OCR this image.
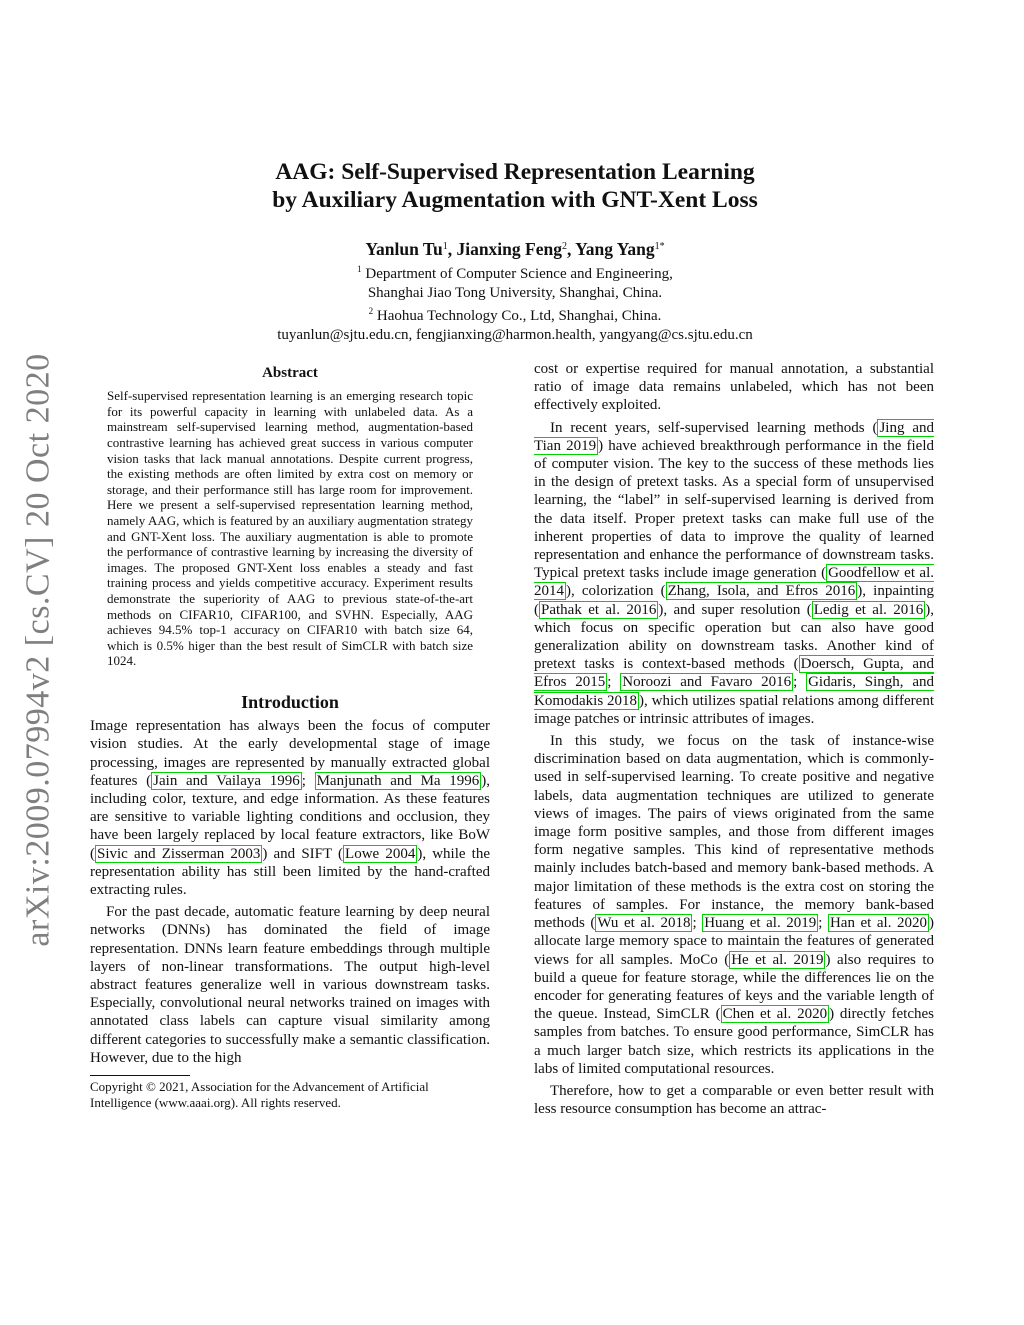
arXiv:2009.07994v2 [cs.CV] 20 Oct 2020
AAG: Self-Supervised Representation Learning
by Auxiliary Augmentation with GNT-Xent Loss
Yanlun Tu$^1$, Jianxing Feng$^2$, Yang Yang$^{1*}$
$^1$ Department of Computer Science and Engineering,
Shanghai Jiao Tong University, Shanghai, China.
$^2$ Haohua Technology Co., Ltd, Shanghai, China.
tuyanlun@sjtu.edu.cn, fengjianxing@harmon.health, yangyang@cs.sjtu.edu.cn
Abstract
Self-supervised representation learning is an emerging research topic for its powerful capacity in learning with unlabeled data. As a mainstream self-supervised learning method, augmentation-based contrastive learning has achieved great success in various computer vision tasks that lack manual annotations. Despite current progress, the existing methods are often limited by extra cost on memory or storage, and their performance still has large room for improvement. Here we present a self-supervised representation learning method, namely AAG, which is featured by an auxiliary augmentation strategy and GNT-Xent loss. The auxiliary augmentation is able to promote the performance of contrastive learning by increasing the diversity of images. The proposed GNT-Xent loss enables a steady and fast training process and yields competitive accuracy. Experiment results demonstrate the superiority of AAG to previous state-of-the-art methods on CIFAR10, CIFAR100, and SVHN. Especially, AAG achieves 94.5% top-1 accuracy on CIFAR10 with batch size 64, which is 0.5% higer than the best result of SimCLR with batch size 1024.
Introduction

Image representation has always been the focus of computer vision studies. At the early developmental stage of image processing, images are represented by manually extracted global features ( Jain and Vailaya 1996 ; Manjunath and Ma 1996 ), including color, texture, and edge information. As these features are sensitive to variable lighting conditions and occlusion, they have been largely replaced by local feature extractors, like BoW ( Sivic and Zisserman 2003 ) and SIFT ( Lowe 2004 ), while the representation ability has still been limited by the hand-crafted extracting rules.

For the past decade, automatic feature learning by deep neural networks (DNNs) has dominated the field of image representation. DNNs learn feature embeddings through multiple layers of non-linear transformations. The output high-level abstract features generalize well in various downstream tasks. Especially, convolutional neural networks trained on images with annotated class labels can capture visual similarity among different categories to successfully make a semantic classification. However, due to the high

Copyright © 2021, Association for the Advancement of Artificial Intelligence (www.aaai.org). All rights reserved.

cost or expertise required for manual annotation, a substantial ratio of image data remains unlabeled, which has not been effectively exploited.

In recent years, self-supervised learning methods ( Jing and Tian 2019 ) have achieved breakthrough performance in the field of computer vision. The key to the success of these methods lies in the design of pretext tasks. As a special form of unsupervised learning, the “label” in self-supervised learning is derived from the data itself. Proper pretext tasks can make full use of the inherent properties of data to improve the quality of learned representation and enhance the performance of downstream tasks. Typical pretext tasks include image generation ( Goodfellow et al. 2014 ), colorization ( Zhang, Isola, and Efros 2016 ), inpainting ( Pathak et al. 2016 ), and super resolution ( Ledig et al. 2016 ), which focus on specific operation but can also have good generalization ability on downstream tasks. Another kind of pretext tasks is context-based methods ( Doersch, Gupta, and Efros 2015 ; Noroozi and Favaro 2016 ; Gidaris, Singh, and Komodakis 2018 ), which utilizes spatial relations among different image patches or intrinsic attributes of images.

In this study, we focus on the task of instance-wise discrimination based on data augmentation, which is commonly-used in self-supervised learning. To create positive and negative labels, data augmentation techniques are utilized to generate views of images. The pairs of views originated from the same image form positive samples, and those from different images form negative samples. This kind of representative methods mainly includes batch-based and memory bank-based methods. A major limitation of these methods is the extra cost on storing the features of samples. For instance, the memory bank-based methods ( Wu et al. 2018 ; Huang et al. 2019 ; Han et al. 2020 ) allocate large memory space to maintain the features of generated views for all samples. MoCo ( He et al. 2019 ) also requires to build a queue for feature storage, while the differences lie on the encoder for generating features of keys and the variable length of the queue. Instead, SimCLR ( Chen et al. 2020 ) directly fetches samples from batches. To ensure good performance, SimCLR has a much larger batch size, which restricts its applications in the labs of limited computational resources.

Therefore, how to get a comparable or even better result with less resource consumption has become an attrac-
